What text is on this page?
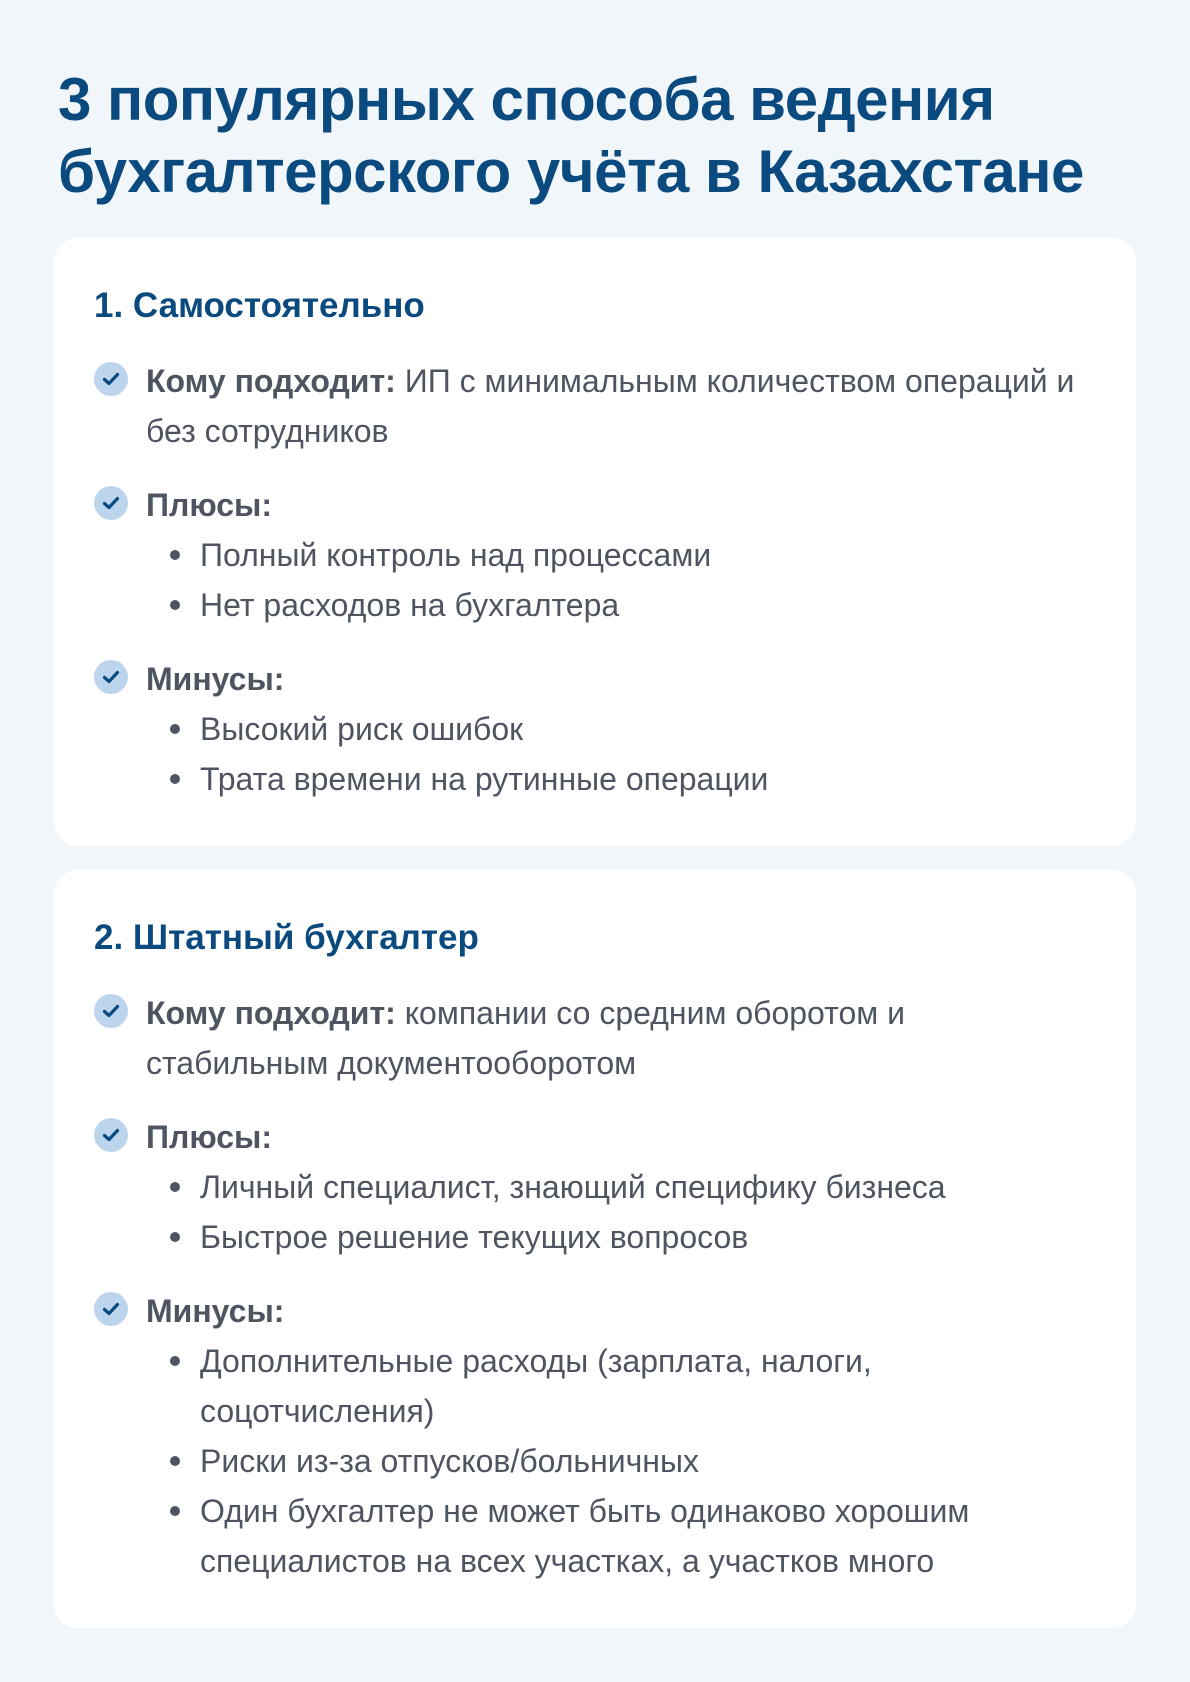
3 популярных способа ведения бухгалтерского учёта в Казахстане
1. Самостоятельно

Кому подходит: ИП с минимальным количеством операций и без сотрудников

Плюсы:

Полный контроль над процессами
Нет расходов на бухгалтера

Минусы:

Высокий риск ошибок
Трата времени на рутинные операции
2. Штатный бухгалтер

Кому подходит: компании со средним оборотом и стабильным документооборотом

Плюсы:

Личный специалист, знающий специфику бизнеса
Быстрое решение текущих вопросов

Минусы:

Дополнительные расходы (зарплата, налоги, соцотчисления)
Риски из-за отпусков/больничных
Один бухгалтер не может быть одинаково хорошим специалистов на всех участках, а участков много
